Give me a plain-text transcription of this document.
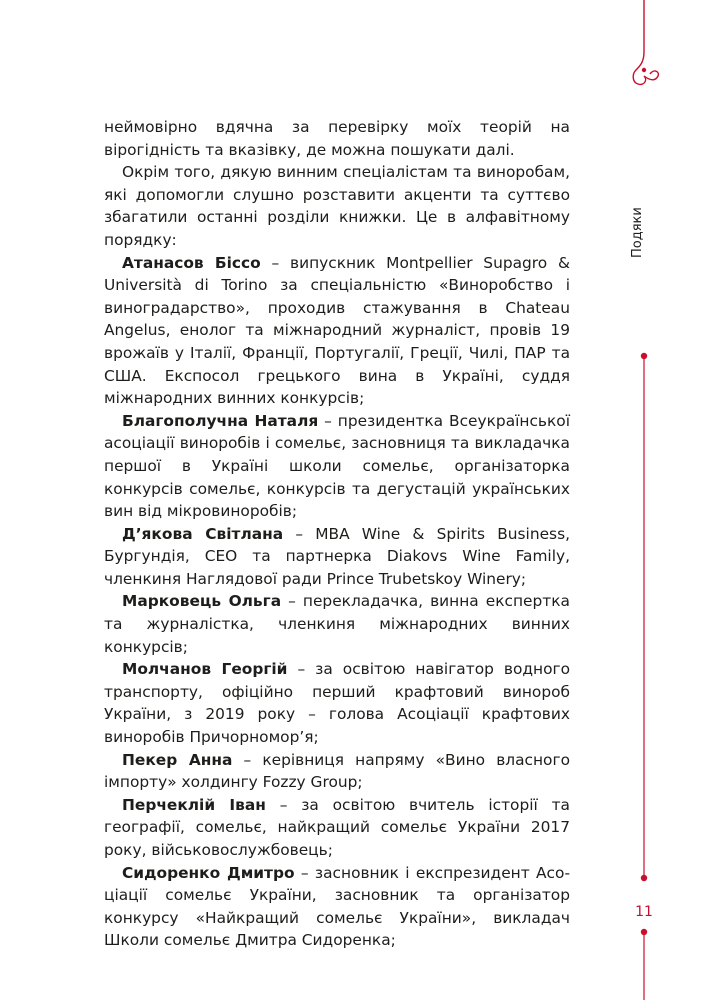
Подяки

неймовірно вдячна за перевірку моїх теорій на вірогідність та вказівку, де можна пошукати далі.

Окрім того, дякую винним спеціалістам та виноробам, які допомогли слушно розставити акценти та суттєво збагатили останні розділи книжки. Це в алфавітному порядку:

Атанасов Біссо – випускник Montpellier Supagro & Università di Torino за спеціальністю «Виноробство і виноградарство», проходив стажування в Chateau Angelus, енолог та міжнародний журналіст, провів 19 врожаїв у Італії, Франції, Португалії, Греції, Чилі, ПАР та США. Експосол грецького вина в Україні, суддя міжнародних винних конкурсів;

Благополучна Наталя – президентка Всеукраїнської асоціації виноробів і сомельє, засновниця та викладачка першої в Україні школи сомельє, організаторка конкурсів сомельє, конкурсів та дегустацій українських вин від мікровиноробів;

Д’якова Світлана – MBA Wine & Spirits Business, Бургундія, CEO та партнерка Diakovs Wine Family, членкиня Наглядової ради Prince Trubetskoy Winery;

Марковець Ольга – перекладачка, винна експертка та журналістка, членкиня міжнародних винних конкурсів;

Молчанов Георгій – за освітою навігатор водного транспорту, офіційно перший крафтовий винороб України, з 2019 року – голова Асоціації крафтових виноробів Причорномор’я;

Пекер Анна – керівниця напряму «Вино власного імпорту» холдингу Fozzy Group;

Перчеклій Іван – за освітою вчитель історії та географії, сомельє, найкращий сомельє України 2017 року, військовослужбовець;

Сидоренко Дмитро – засновник і експрезидент Асоціації сомельє України, засновник та організатор конкурсу «Найкращий сомельє України», викладач Школи сомельє Дмитра Сидоренка;

11
